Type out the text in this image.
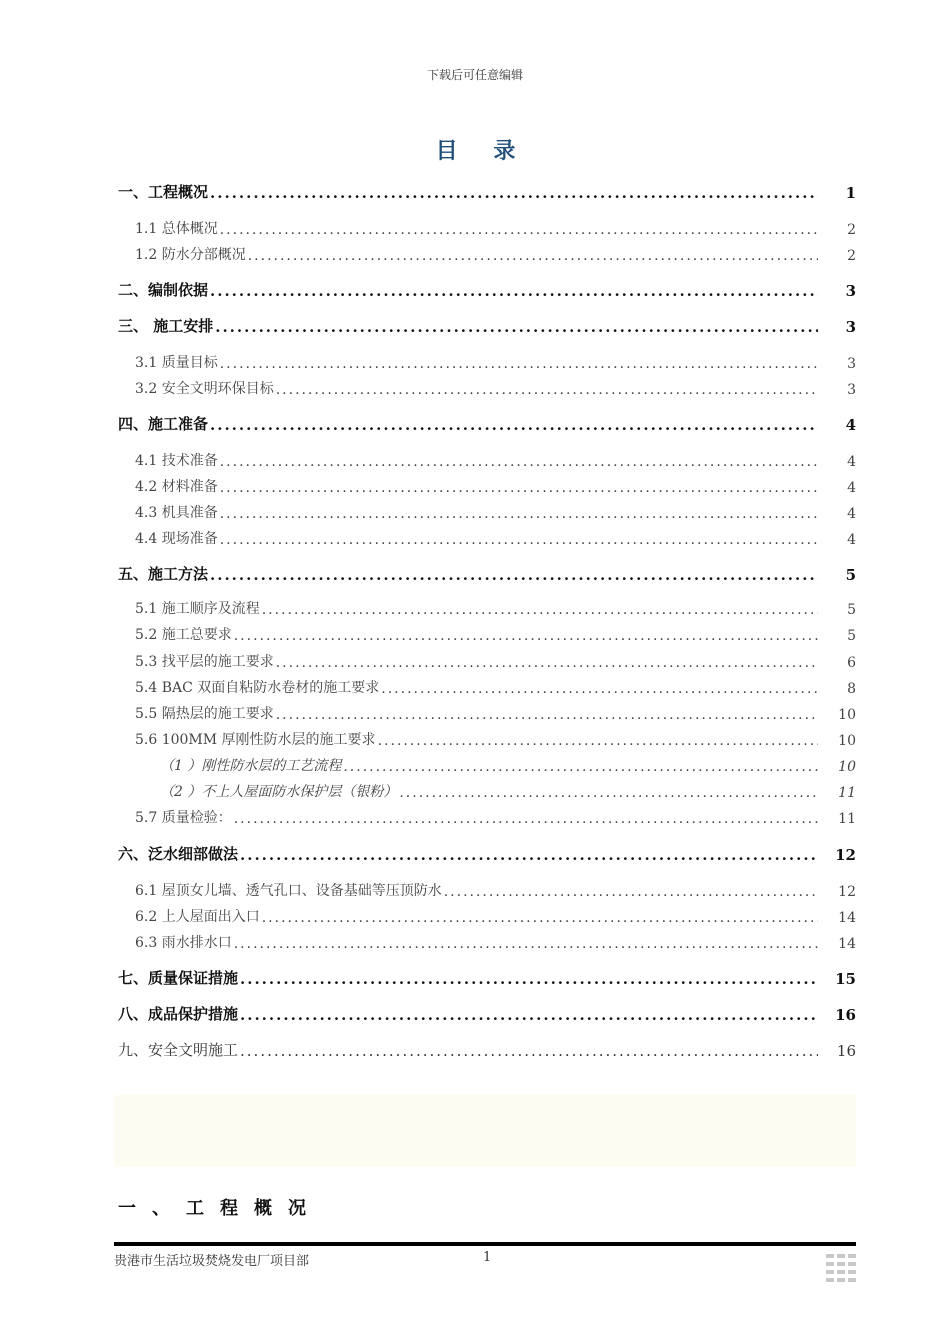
下载后可任意编辑
目 录
一、工程概况 .....	1
1.1 总体概况 .....	2
1.2 防水分部概况 .....	2
二、编制依据 .....	3
三、 施工安排 .....	3
3.1 质量目标 .....	3
3.2 安全文明环保目标 .....	3
四、施工准备 .....	4
4.1 技术准备 .....	4
4.2 材料准备 .....	4
4.3 机具准备 .....	4
4.4 现场准备 .....	4
五、施工方法 .....	5
5.1 施工顺序及流程 .....	5
5.2 施工总要求 .....	5
5.3 找平层的施工要求 .....	6
5.4 BAC 双面自粘防水卷材的施工要求 .....	8
5.5 隔热层的施工要求 .....	10
5.6 100MM 厚刚性防水层的施工要求 .....	10
（1 ）刚性防水层的工艺流程 .....	10
（2 ）不上人屋面防水保护层（银粉） .....	11
5.7 质量检验： .....	11
六、泛水细部做法 .....	12
6.1 屋顶女儿墙、透气孔口、设备基础等压顶防水 .....	12
6.2 上人屋面出入口 .....	14
6.3 雨水排水口 .....	14
七、质量保证措施 .....	15
八、成品保护措施 .....	16
九、安全文明施工 .....	16
一、工程概况
贵港市生活垃圾焚烧发电厂项目部	1
